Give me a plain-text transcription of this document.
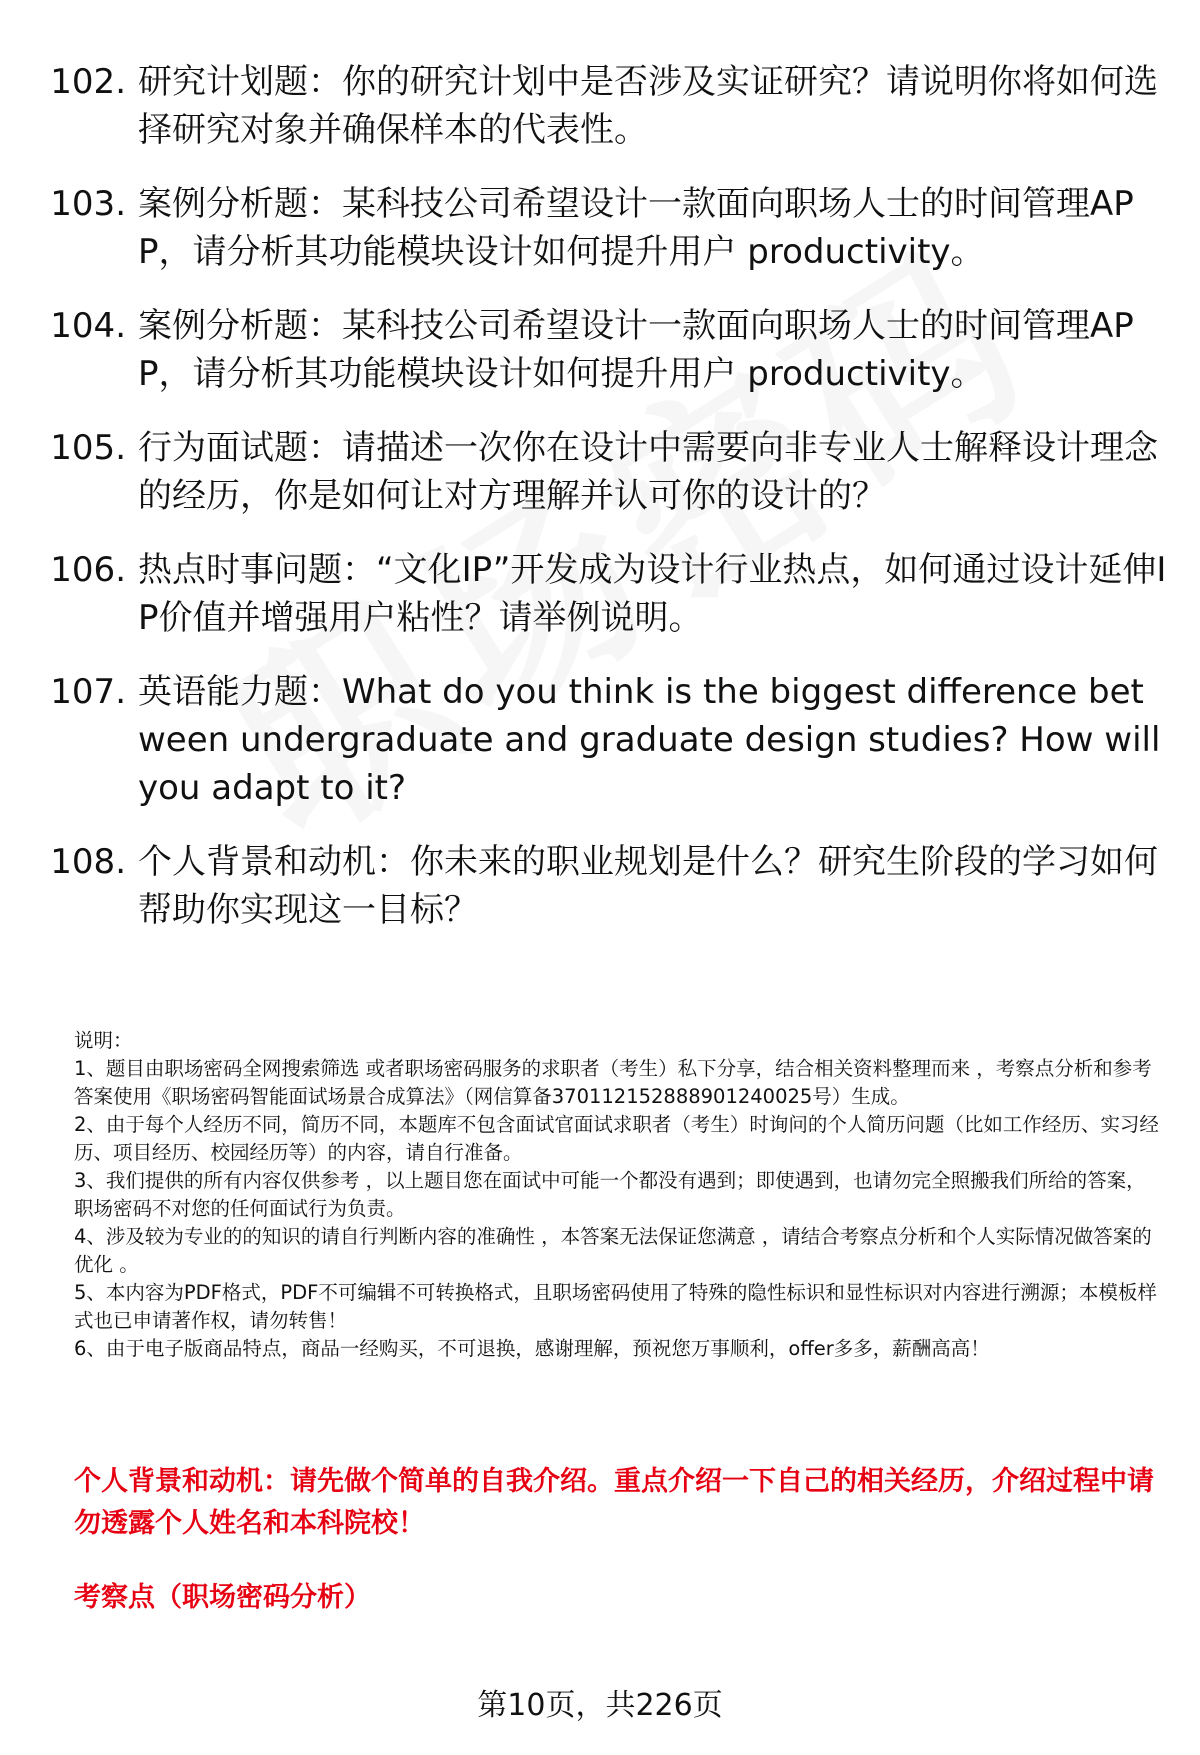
102. 研究计划题：你的研究计划中是否涉及实证研究？请说明你将如何选择研究对象并确保样本的代表性。
103. 案例分析题：某科技公司希望设计一款面向职场人士的时间管理APP，请分析其功能模块设计如何提升用户 productivity。
104. 案例分析题：某科技公司希望设计一款面向职场人士的时间管理APP，请分析其功能模块设计如何提升用户 productivity。
105. 行为面试题：请描述一次你在设计中需要向非专业人士解释设计理念的经历，你是如何让对方理解并认可你的设计的？
106. 热点时事问题：“文化IP”开发成为设计行业热点，如何通过设计延伸IP价值并增强用户粘性？请举例说明。
107. 英语能力题：What do you think is the biggest difference between undergraduate and graduate design studies? How will you adapt to it?
108. 个人背景和动机：你未来的职业规划是什么？研究生阶段的学习如何帮助你实现这一目标？

说明：

1、题目由职场密码全网搜索筛选 或者职场密码服务的求职者（考生）私下分享，结合相关资料整理而来 ，考察点分析和参考答案使用《职场密码智能面试场景合成算法》（网信算备370112152888901240025号）生成。

2、由于每个人经历不同，简历不同，本题库不包含面试官面试求职者（考生）时询问的个人简历问题（比如工作经历、实习经历、项目经历、校园经历等）的内容，请自行准备。

3、我们提供的所有内容仅供参考 ，以上题目您在面试中可能一个都没有遇到；即使遇到，也请勿完全照搬我们所给的答案，职场密码不对您的任何面试行为负责。

4、涉及较为专业的的知识的请自行判断内容的准确性 ，本答案无法保证您满意 ，请结合考察点分析和个人实际情况做答案的优化 。

5、本内容为PDF格式，PDF不可编辑不可转换格式，且职场密码使用了特殊的隐性标识和显性标识对内容进行溯源；本模板样式也已申请著作权，请勿转售！

6、由于电子版商品特点，商品一经购买，不可退换，感谢理解，预祝您万事顺利，offer多多，薪酬高高！

个人背景和动机：请先做个简单的自我介绍。重点介绍一下自己的相关经历，介绍过程中请勿透露个人姓名和本科院校！
考察点（职场密码分析）
第10页，共226页
